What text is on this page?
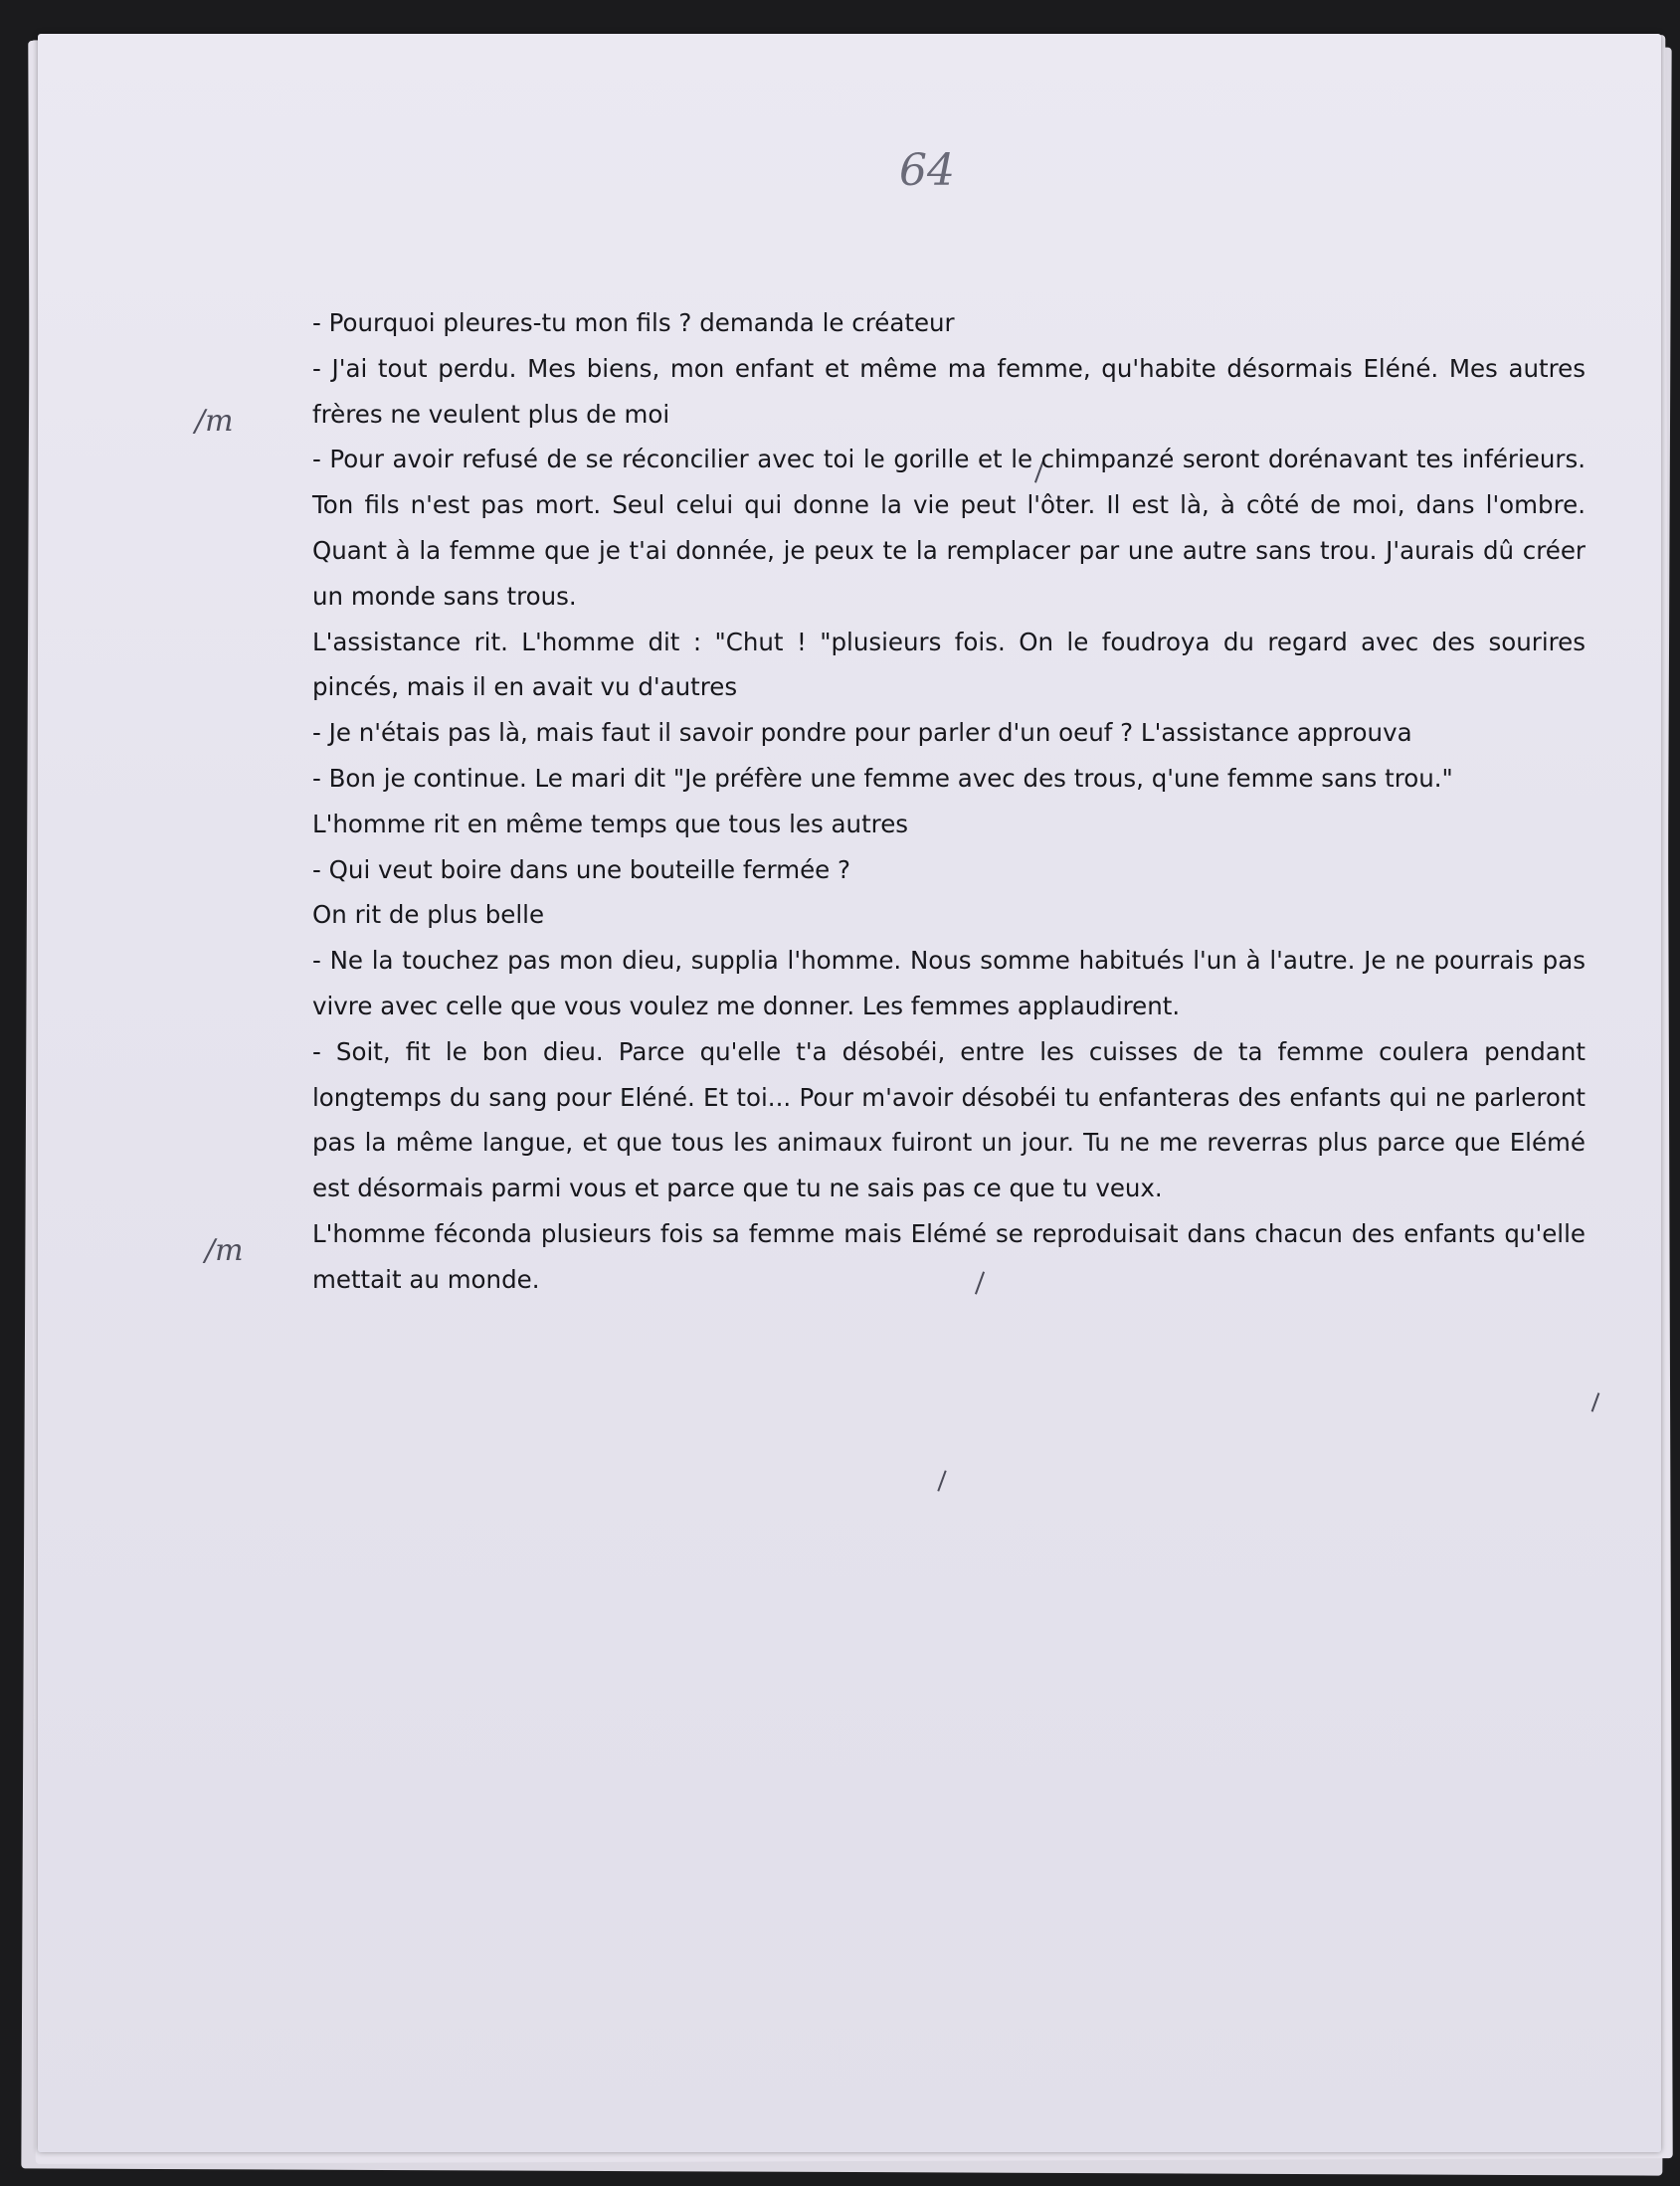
64
/m
/m

- Pourquoi pleures-tu mon fils ? demanda le créateur

- J'ai tout perdu. Mes biens, mon enfant et même ma femme, qu'habite désormais Eléné. Mes autres frères ne veulent plus de moi

- Pour avoir refusé de se réconcilier avec toi le gorille et le chimpanzé seront dorénavant tes inférieurs. Ton fils n'est pas mort. Seul celui qui donne la vie peut l'ôter. Il est là, à côté de moi, dans l'ombre. Quant à la femme que je t'ai donnée, je peux te la remplacer par une autre sans trou. J'aurais dû créer un monde sans trous.

L'assistance rit. L'homme dit : "Chut ! "plusieurs fois. On le foudroya du regard avec des sourires pincés, mais il en avait vu d'autres

- Je n'étais pas là, mais faut il savoir pondre pour parler d'un oeuf ? L'assistance approuva

- Bon je continue. Le mari dit "Je préfère une femme avec des trous, q'une femme sans trou."

L'homme rit en même temps que tous les autres

- Qui veut boire dans une bouteille fermée ?

On rit de plus belle

- Ne la touchez pas mon dieu, supplia l'homme. Nous somme habitués l'un à l'autre. Je ne pourrais pas vivre avec celle que vous voulez me donner. Les femmes applaudirent.

- Soit, fit le bon dieu. Parce qu'elle t'a désobéi, entre les cuisses de ta femme coulera pendant longtemps du sang pour Eléné. Et toi... Pour m'avoir désobéi tu enfanteras des enfants qui ne parleront pas la même langue, et que tous les animaux fuiront un jour. Tu ne me reverras plus parce que Elémé est désormais parmi vous et parce que tu ne sais pas ce que tu veux.

L'homme féconda plusieurs fois sa femme mais Elémé se reproduisait dans chacun des enfants qu'elle mettait au monde.
